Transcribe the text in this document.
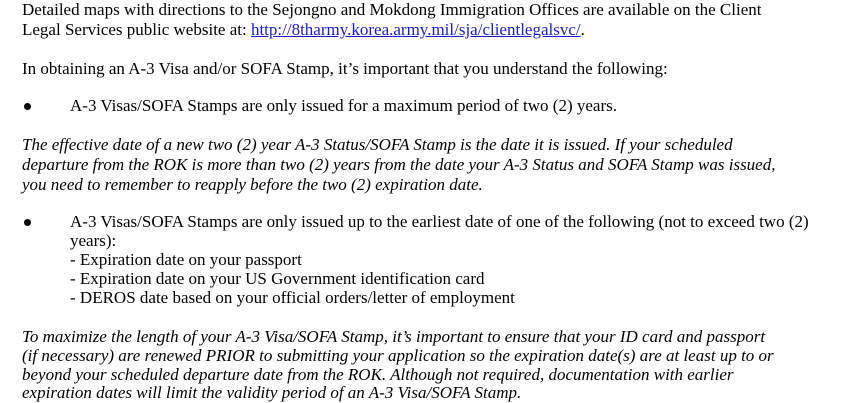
Detailed maps with directions to the Sejongno and Mokdong Immigration Offices are available on the Client
Legal Services public website at: http://8tharmy.korea.army.mil/sja/clientlegalsvc/.
In obtaining an A-3 Visa and/or SOFA Stamp, it’s important that you understand the following:
A-3 Visas/SOFA Stamps are only issued for a maximum period of two (2) years.
The effective date of a new two (2) year A-3 Status/SOFA Stamp is the date it is issued. If your scheduled
departure from the ROK is more than two (2) years from the date your A-3 Status and SOFA Stamp was issued,
you need to remember to reapply before the two (2) expiration date.
A-3 Visas/SOFA Stamps are only issued up to the earliest date of one of the following (not to exceed two (2)
years):
- Expiration date on your passport
- Expiration date on your US Government identification card
- DEROS date based on your official orders/letter of employment
To maximize the length of your A-3 Visa/SOFA Stamp, it’s important to ensure that your ID card and passport
(if necessary) are renewed PRIOR to submitting your application so the expiration date(s) are at least up to or
beyond your scheduled departure date from the ROK. Although not required, documentation with earlier
expiration dates will limit the validity period of an A-3 Visa/SOFA Stamp.
